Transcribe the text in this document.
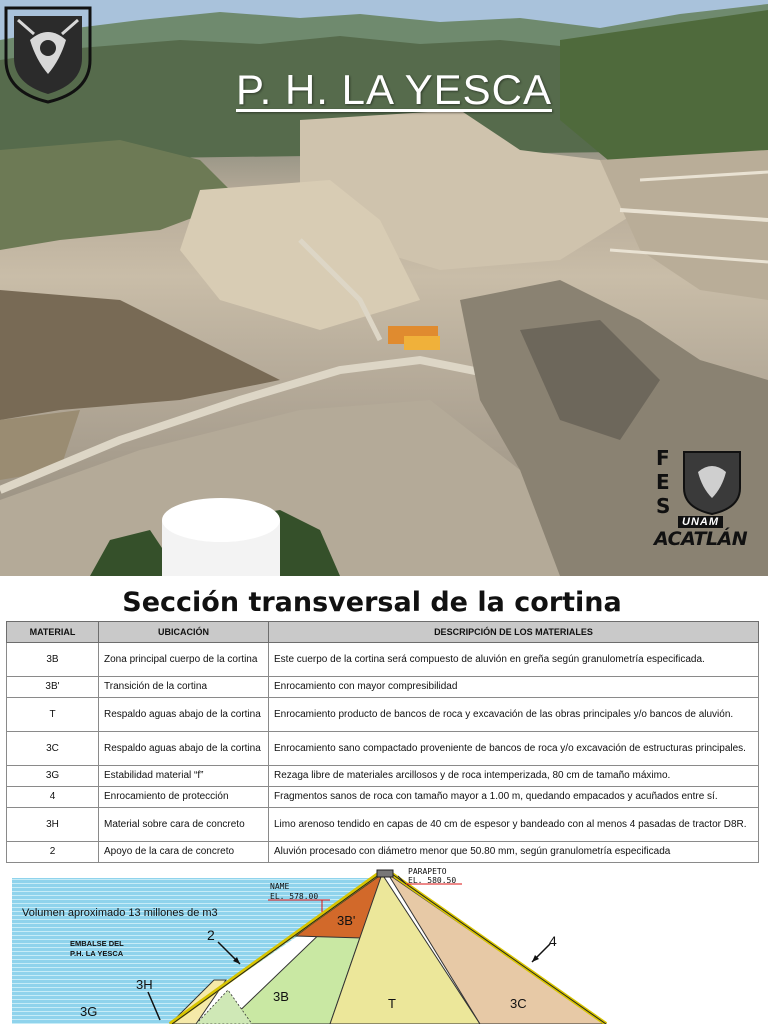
P. H. LA YESCA
F
E
S
UNAM
ACATLÁN
Sección transversal de la cortina
MATERIAL	UBICACIÓN	DESCRIPCIÓN DE LOS MATERIALES
3B	Zona principal cuerpo de la cortina	Este cuerpo de la cortina será compuesto de aluvión en greña según granulometría especificada.
3B'	Transición de la cortina	Enrocamiento con mayor compresibilidad
T	Respaldo aguas abajo de la cortina	Enrocamiento producto de bancos de roca y excavación de las obras principales y/o bancos de aluvión.
3C	Respaldo aguas abajo de la cortina	Enrocamiento sano compactado proveniente de bancos de roca y/o excavación de estructuras principales.
3G	Estabilidad material “f”	Rezaga libre de materiales arcillosos y de roca intemperizada, 80 cm de tamaño máximo.
4	Enrocamiento de protección	Fragmentos sanos de roca con tamaño mayor a 1.00 m, quedando empacados y acuñados entre sí.
3H	Material sobre cara de concreto	Limo arenoso tendido en capas de 40 cm de espesor y bandeado con al menos 4 pasadas de tractor D8R.
2	Apoyo de la cara de concreto	Aluvión procesado con diámetro menor que 50.80 mm, según granulometría especificada
Volumen aproximado 13 millones de m3
EMBALSE DEL
P.H. LA YESCA
NAME
EL. 578.00
PARAPETO
EL. 580.50
3B'
2	4
3H
3B	T	3C
3G
